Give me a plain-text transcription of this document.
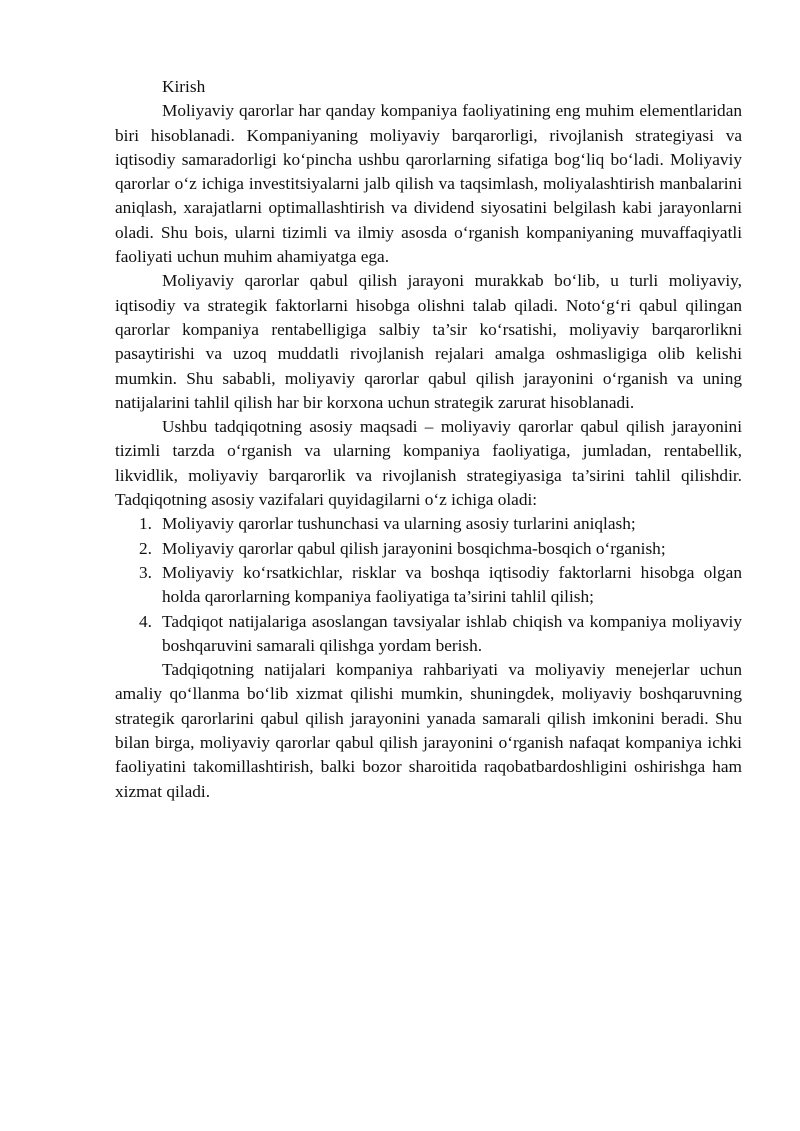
Kirish

Moliyaviy qarorlar har qanday kompaniya faoliyatining eng muhim elementlaridan biri hisoblanadi. Kompaniyaning moliyaviy barqarorligi, rivojlanish strategiyasi va iqtisodiy samaradorligi ko‘pincha ushbu qarorlarning sifatiga bog‘liq bo‘ladi. Moliyaviy qarorlar o‘z ichiga investitsiyalarni jalb qilish va taqsimlash, moliyalashtirish manbalarini aniqlash, xarajatlarni optimallashtirish va dividend siyosatini belgilash kabi jarayonlarni oladi. Shu bois, ularni tizimli va ilmiy asosda o‘rganish kompaniyaning muvaffaqiyatli faoliyati uchun muhim ahamiyatga ega.

Moliyaviy qarorlar qabul qilish jarayoni murakkab bo‘lib, u turli moliyaviy, iqtisodiy va strategik faktorlarni hisobga olishni talab qiladi. Noto‘g‘ri qabul qilingan qarorlar kompaniya rentabelligiga salbiy ta’sir ko‘rsatishi, moliyaviy barqarorlikni pasaytirishi va uzoq muddatli rivojlanish rejalari amalga oshmasligiga olib kelishi mumkin. Shu sababli, moliyaviy qarorlar qabul qilish jarayonini o‘rganish va uning natijalarini tahlil qilish har bir korxona uchun strategik zarurat hisoblanadi.

Ushbu tadqiqotning asosiy maqsadi – moliyaviy qarorlar qabul qilish jarayonini tizimli tarzda o‘rganish va ularning kompaniya faoliyatiga, jumladan, rentabellik, likvidlik, moliyaviy barqarorlik va rivojlanish strategiyasiga ta’sirini tahlil qilishdir. Tadqiqotning asosiy vazifalari quyidagilarni o‘z ichiga oladi:

1. Moliyaviy qarorlar tushunchasi va ularning asosiy turlarini aniqlash;
2. Moliyaviy qarorlar qabul qilish jarayonini bosqichma-bosqich o‘rganish;
3. Moliyaviy ko‘rsatkichlar, risklar va boshqa iqtisodiy faktorlarni hisobga olgan holda qarorlarning kompaniya faoliyatiga ta’sirini tahlil qilish;
4. Tadqiqot natijalariga asoslangan tavsiyalar ishlab chiqish va kompaniya moliyaviy boshqaruvini samarali qilishga yordam berish.

Tadqiqotning natijalari kompaniya rahbariyati va moliyaviy menejerlar uchun amaliy qo‘llanma bo‘lib xizmat qilishi mumkin, shuningdek, moliyaviy boshqaruvning strategik qarorlarini qabul qilish jarayonini yanada samarali qilish imkonini beradi. Shu bilan birga, moliyaviy qarorlar qabul qilish jarayonini o‘rganish nafaqat kompaniya ichki faoliyatini takomillashtirish, balki bozor sharoitida raqobatbardoshligini oshirishga ham xizmat qiladi.
